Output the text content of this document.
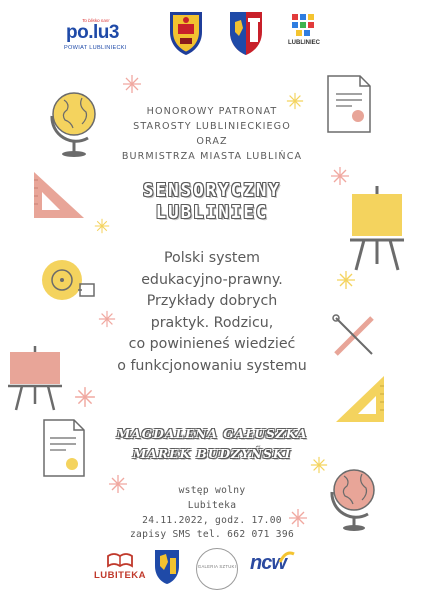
To blisko nas!
po.lu3
POWIAT LUBLINIECKI
LUBLINIEC
HONOROWY PATRONAT
STAROSTY LUBLINIECKIEGO
ORAZ
BURMISTRZA MIASTA LUBLIŃCA
SENSORYCZNY
LUBLINIEC
Polski system
edukacyjno-prawny.
Przykłady dobrych
praktyk. Rodzicu,
co powinieneś wiedzieć
o funkcjonowaniu systemu
MAGDALENA GAŁUSZKA
MAREK BUDZYŃSKI
wstęp wolny
Lubiteka
24.11.2022, godz. 17.00
zapisy SMS tel. 662 071 396
LUBITEKA
GALERIA SZTUKI ncw
